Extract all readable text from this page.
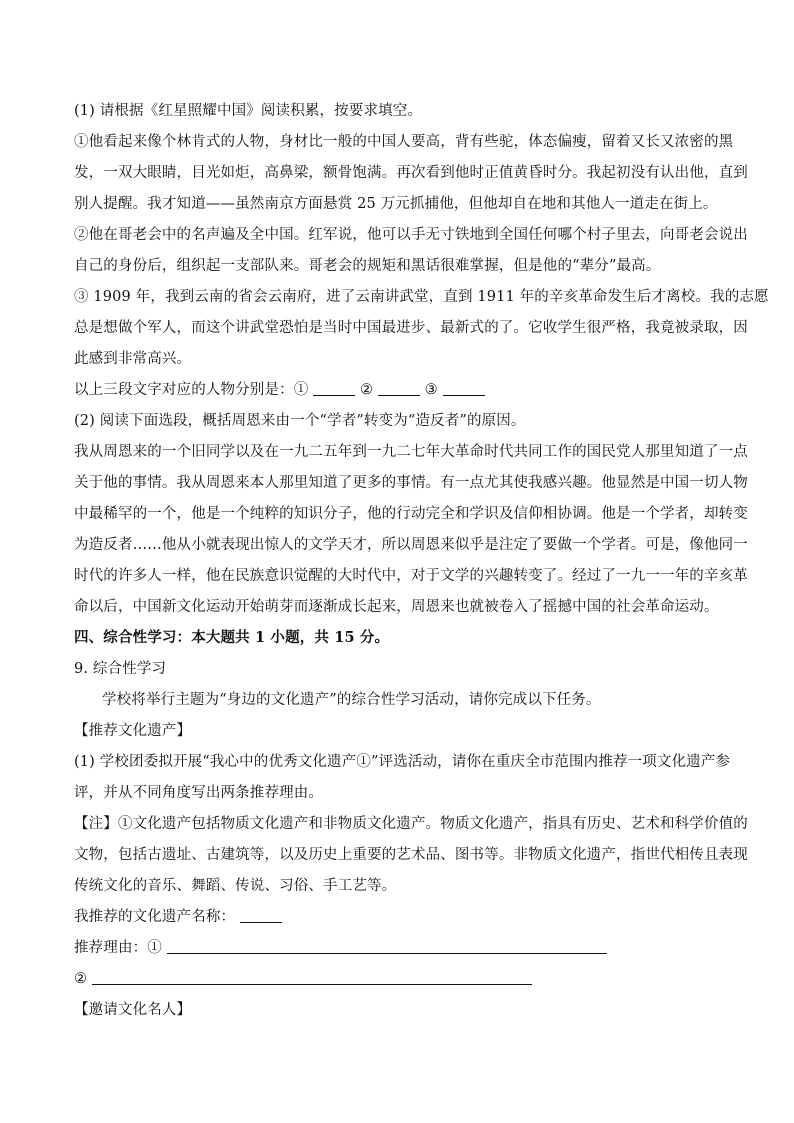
(1) 请根据《红星照耀中国》阅读积累，按要求填空。
①他看起来像个林肯式的人物，身材比一般的中国人要高，背有些驼，体态偏瘦，留着又长又浓密的黑
发，一双大眼睛，目光如炬，高鼻梁，额骨饱满。再次看到他时正值黄昏时分。我起初没有认出他，直到
别人提醒。我才知道——虽然南京方面悬赏 25 万元抓捕他，但他却自在地和其他人一道走在街上。
②他在哥老会中的名声遍及全中国。红军说，他可以手无寸铁地到全国任何哪个村子里去，向哥老会说出
自己的身份后，组织起一支部队来。哥老会的规矩和黑话很难掌握，但是他的“辈分”最高。
③ 1909 年，我到云南的省会云南府，进了云南讲武堂，直到 1911 年的辛亥革命发生后才离校。我的志愿
总是想做个军人，而这个讲武堂恐怕是当时中国最进步、最新式的了。它收学生很严格，我竟被录取，因
此感到非常高兴。
以上三段文字对应的人物分别是：①	②	③
(2) 阅读下面选段，概括周恩来由一个“学者”转变为“造反者”的原因。
我从周恩来的一个旧同学以及在一九二五年到一九二七年大革命时代共同工作的国民党人那里知道了一点
关于他的事情。我从周恩来本人那里知道了更多的事情。有一点尤其使我感兴趣。他显然是中国一切人物
中最稀罕的一个，他是一个纯粹的知识分子，他的行动完全和学识及信仰相协调。他是一个学者，却转变
为造反者……他从小就表现出惊人的文学天才，所以周恩来似乎是注定了要做一个学者。可是，像他同一
时代的许多人一样，他在民族意识觉醒的大时代中，对于文学的兴趣转变了。经过了一九一一年的辛亥革
命以后，中国新文化运动开始萌芽而逐渐成长起来，周恩来也就被卷入了摇撼中国的社会革命运动。
四、综合性学习：本大题共 1 小题，共 15 分。
9. 综合性学习
学校将举行主题为“身边的文化遗产”的综合性学习活动，请你完成以下任务。
【推荐文化遗产】
(1) 学校团委拟开展“我心中的优秀文化遗产①”评选活动，请你在重庆全市范围内推荐一项文化遗产参
评，并从不同角度写出两条推荐理由。
【注】①文化遗产包括物质文化遗产和非物质文化遗产。物质文化遗产，指具有历史、艺术和科学价值的
文物，包括古遗址、古建筑等，以及历史上重要的艺术品、图书等。非物质文化遗产，指世代相传且表现
传统文化的音乐、舞蹈、传说、习俗、手工艺等。
我推荐的文化遗产名称：
推荐理由：①
②
【邀请文化名人】
